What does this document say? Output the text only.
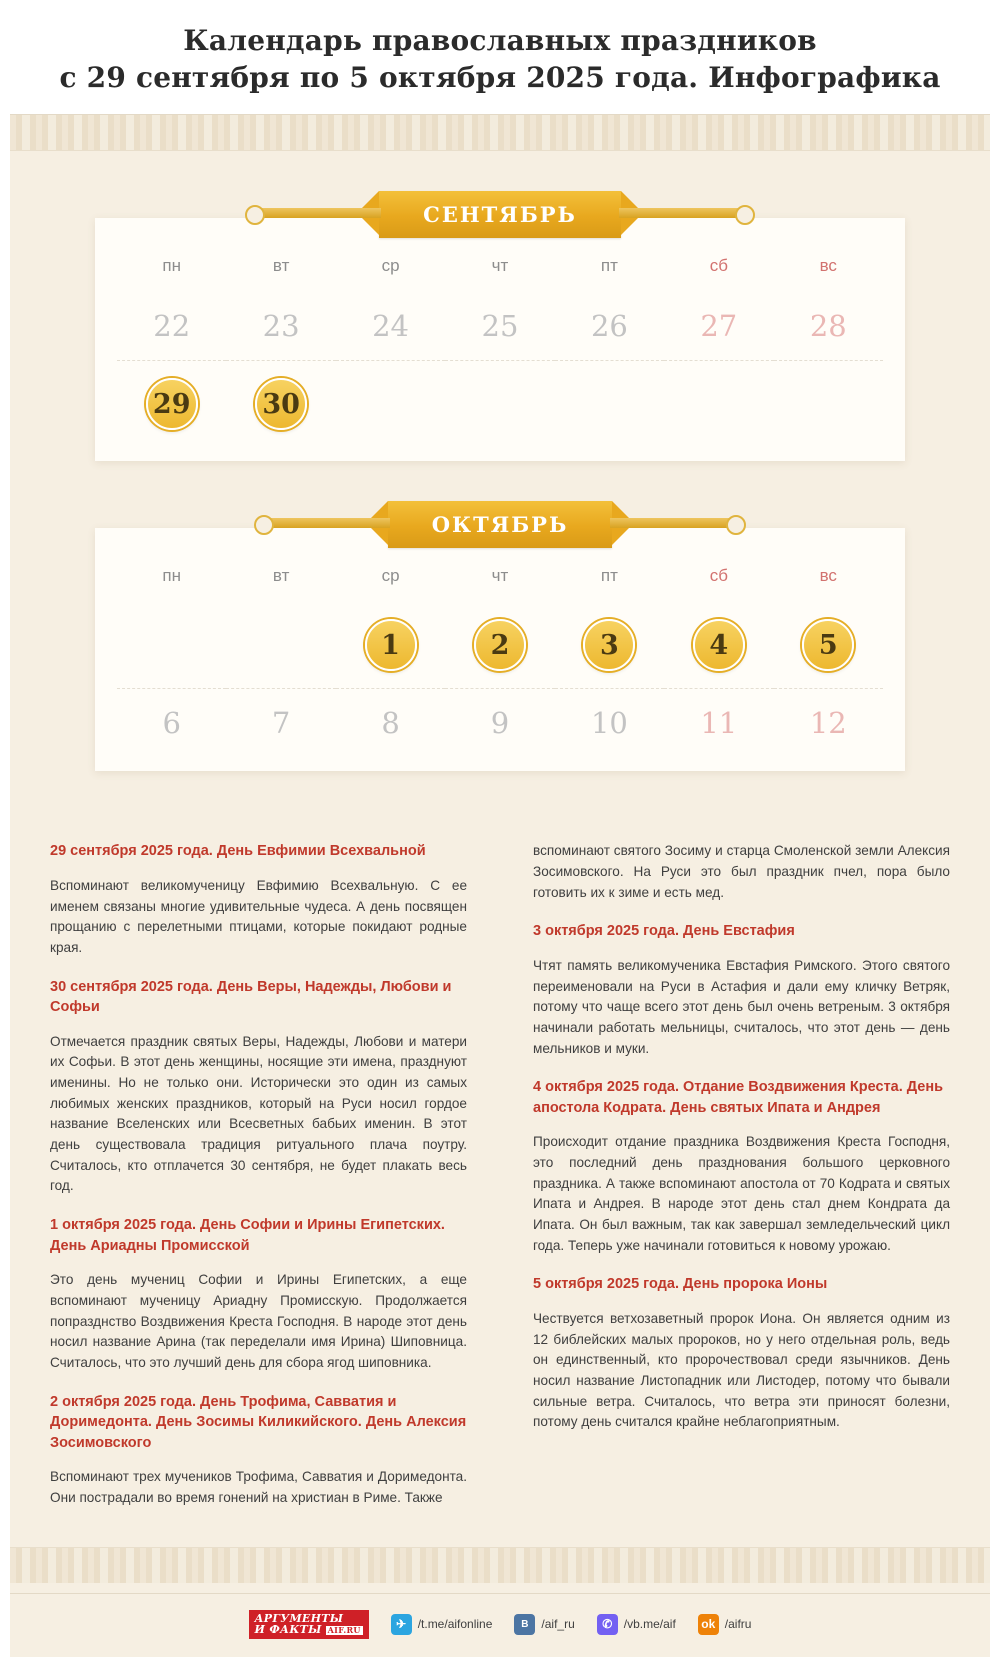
Календарь православных праздников
с 29 сентября по 5 октября 2025 года. Инфографика
СЕНТЯБРЬ
пн	вт	ср	чт	пт	сб	вс
22	23	24	25	26	27	28
29	30					
ОКТЯБРЬ
пн	вт	ср	чт	пт	сб	вс
		1	2	3	4	5
6	7	8	9	10	11	12
29 сентября 2025 года. День Евфимии Всехвальной

Вспоминают великомученицу Евфимию Всехвальную. С ее именем связаны многие удивительные чудеса. А день посвящен прощанию с перелетными птицами, которые покидают родные края.

30 сентября 2025 года. День Веры, Надежды, Любови и Софьи

Отмечается праздник святых Веры, Надежды, Любови и матери их Софьи. В этот день женщины, носящие эти имена, празднуют именины. Но не только они. Исторически это один из самых любимых женских праздников, который на Руси носил гордое название Вселенских или Всесветных бабьих именин. В этот день существовала традиция ритуального плача поутру. Считалось, кто отплачется 30 сентября, не будет плакать весь год.

1 октября 2025 года. День Софии и Ирины Египетских. День Ариадны Промисской

Это день мучениц Софии и Ирины Египетских, а еще вспоминают мученицу Ариадну Промисскую. Продолжается попразднство Воздвижения Креста Господня. В народе этот день носил название Арина (так переделали имя Ирина) Шиповница. Считалось, что это лучший день для сбора ягод шиповника.

2 октября 2025 года. День Трофима, Савватия и Доримедонта. День Зосимы Киликийского. День Алексия Зосимовского

Вспоминают трех мучеников Трофима, Савватия и Доримедонта. Они пострадали во время гонений на христиан в Риме. Также

вспоминают святого Зосиму и старца Смоленской земли Алексия Зосимовского. На Руси это был праздник пчел, пора было готовить их к зиме и есть мед.

3 октября 2025 года. День Евстафия

Чтят память великомученика Евстафия Римского. Этого святого переименовали на Руси в Астафия и дали ему кличку Ветряк, потому что чаще всего этот день был очень ветреным. 3 октября начинали работать мельницы, считалось, что этот день — день мельников и муки.

4 октября 2025 года. Отдание Воздвижения Креста. День апостола Кодрата. День святых Ипата и Андрея

Происходит отдание праздника Воздвижения Креста Господня, это последний день празднования большого церковного праздника. А также вспоминают апостола от 70 Кодрата и святых Ипата и Андрея. В народе этот день стал днем Кондрата да Ипата. Он был важным, так как завершал земледельческий цикл года. Теперь уже начинали готовиться к новому урожаю.

5 октября 2025 года. День пророка Ионы

Чествуется ветхозаветный пророк Иона. Он является одним из 12 библейских малых пророков, но у него отдельная роль, ведь он единственный, кто пророчествовал среди язычников. День носил название Листопадник или Листодер, потому что бывали сильные ветра. Считалось, что ветра эти приносят болезни, потому день считался крайне неблагоприятным.

АРГУМЕНТЫ
И ФАКТЫ AIF.RU	✈ /t.me/aifonline	B	/aif_ru	✆ /vb.me/aif ok /aifru
